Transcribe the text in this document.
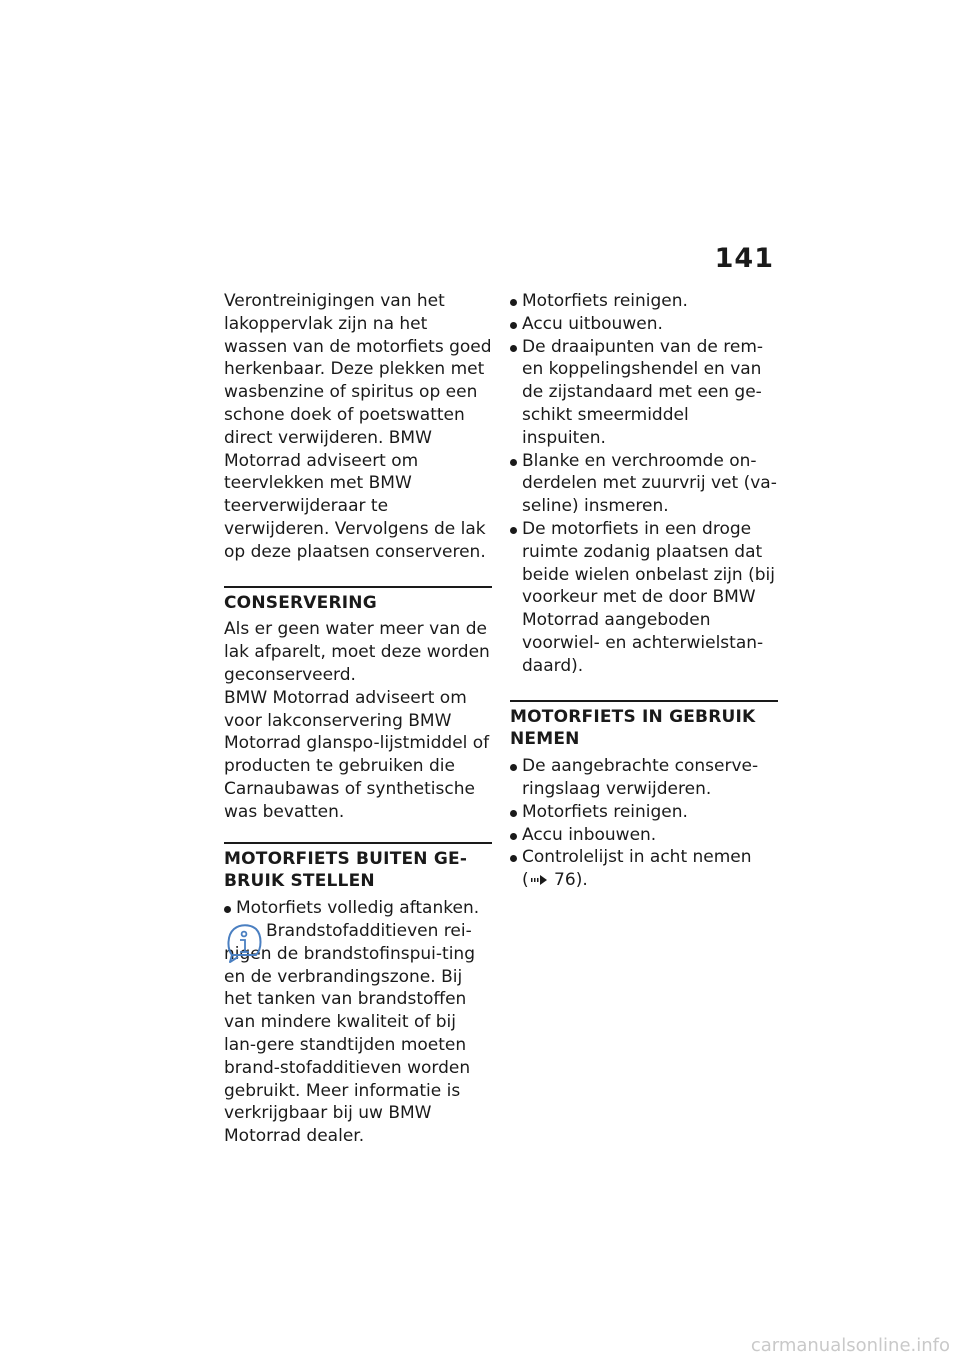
141

Verontreinigingen van het lakoppervlak zijn na het wassen van de motorfiets goed herkenbaar. Deze plekken met wasbenzine of spiritus op een schone doek of poetswatten direct verwijderen. BMW Motorrad adviseert om teervlekken met BMW teerverwijderaar te verwijderen. Vervolgens de lak op deze plaatsen conserveren.

CONSERVERING

Als er geen water meer van de lak afparelt, moet deze worden geconserveerd.

BMW Motorrad adviseert om voor lakconservering BMW Motorrad glanspo-lijstmiddel of producten te gebruiken die Carnaubawas of synthetische was bevatten.

MOTORFIETS BUITEN GE-BRUIK STELLEN

Motorfiets volledig aftanken.

Brandstofadditieven rei-nigen de brandstofinspui-ting en de verbrandingszone. Bij het tanken van brandstoffen van mindere kwaliteit of bij lan-gere standtijden moeten brand-stofadditieven worden gebruikt. Meer informatie is verkrijgbaar bij uw BMW Motorrad dealer.

Motorfiets reinigen.
Accu uitbouwen.
De draaipunten van de rem- en koppelingshendel en van de zijstandaard met een ge-schikt smeermiddel inspuiten.
Blanke en verchroomde on-derdelen met zuurvrij vet (va-seline) insmeren.
De motorfiets in een droge ruimte zodanig plaatsen dat beide wielen onbelast zijn (bij voorkeur met de door BMW Motorrad aangeboden voorwiel- en achterwielstan-daard).

MOTORFIETS IN GEBRUIK NEMEN

De aangebrachte conserve-ringslaag verwijderen.
Motorfiets reinigen.
Accu inbouwen.
Controlelijst in acht nemen
( 76).
carmanualsonline.info
